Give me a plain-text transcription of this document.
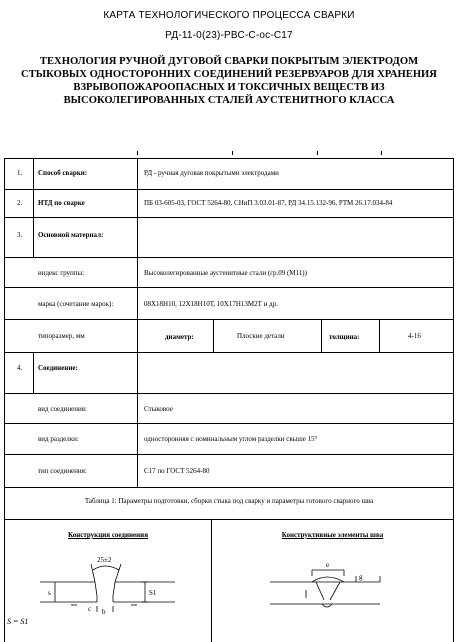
КАРТА ТЕХНОЛОГИЧЕСКОГО ПРОЦЕССА СВАРКИ
РД-11-0(23)-РВС-С-ос-С17
ТЕХНОЛОГИЯ РУЧНОЙ ДУГОВОЙ СВАРКИ ПОКРЫТЫМ ЭЛЕКТРОДОМ СТЫКОВЫХ ОДНОСТОРОННИХ СОЕДИНЕНИЙ РЕЗЕРВУАРОВ ДЛЯ ХРАНЕНИЯ ВЗРЫВОПОЖАРООПАСНЫХ И ТОКСИЧНЫХ ВЕЩЕСТВ ИЗ ВЫСОКОЛЕГИРОВАННЫХ СТАЛЕЙ АУСТЕНИТНОГО КЛАССА
1. Способ сварки:	РД - ручная дуговая покрытыми электродами
2. НТД по сварке	ПБ 03-605-03, ГОСТ 5264-80, СНиП 3.03.01-87, РД 34.15.132-96, РТМ 26.17.034-84
3. Основной материал:
индекс группы:	Высоколегированные аустенитные стали (гр.09 (M11))
марка (сочетание марок):	08Х18Н10, 12Х18Н10Т, 10Х17Н13М2Т и др.
типоразмер, мм	диаметр:	Плоские детали	толщина:	4-16
4. Соединение:
вид соединения:	Стыковое
вид разделки:	односторонняя с номинальным углом разделки свыше 15°
тип соединения:	С17 по ГОСТ 5264-80
Таблица 1: Параметры подготовки, сборки стыка под сварку и параметры готового сварного шва
Конструкция соединения	Конструктивные элементы шва
25±2
s	S1
c b
S = S1
e
g
